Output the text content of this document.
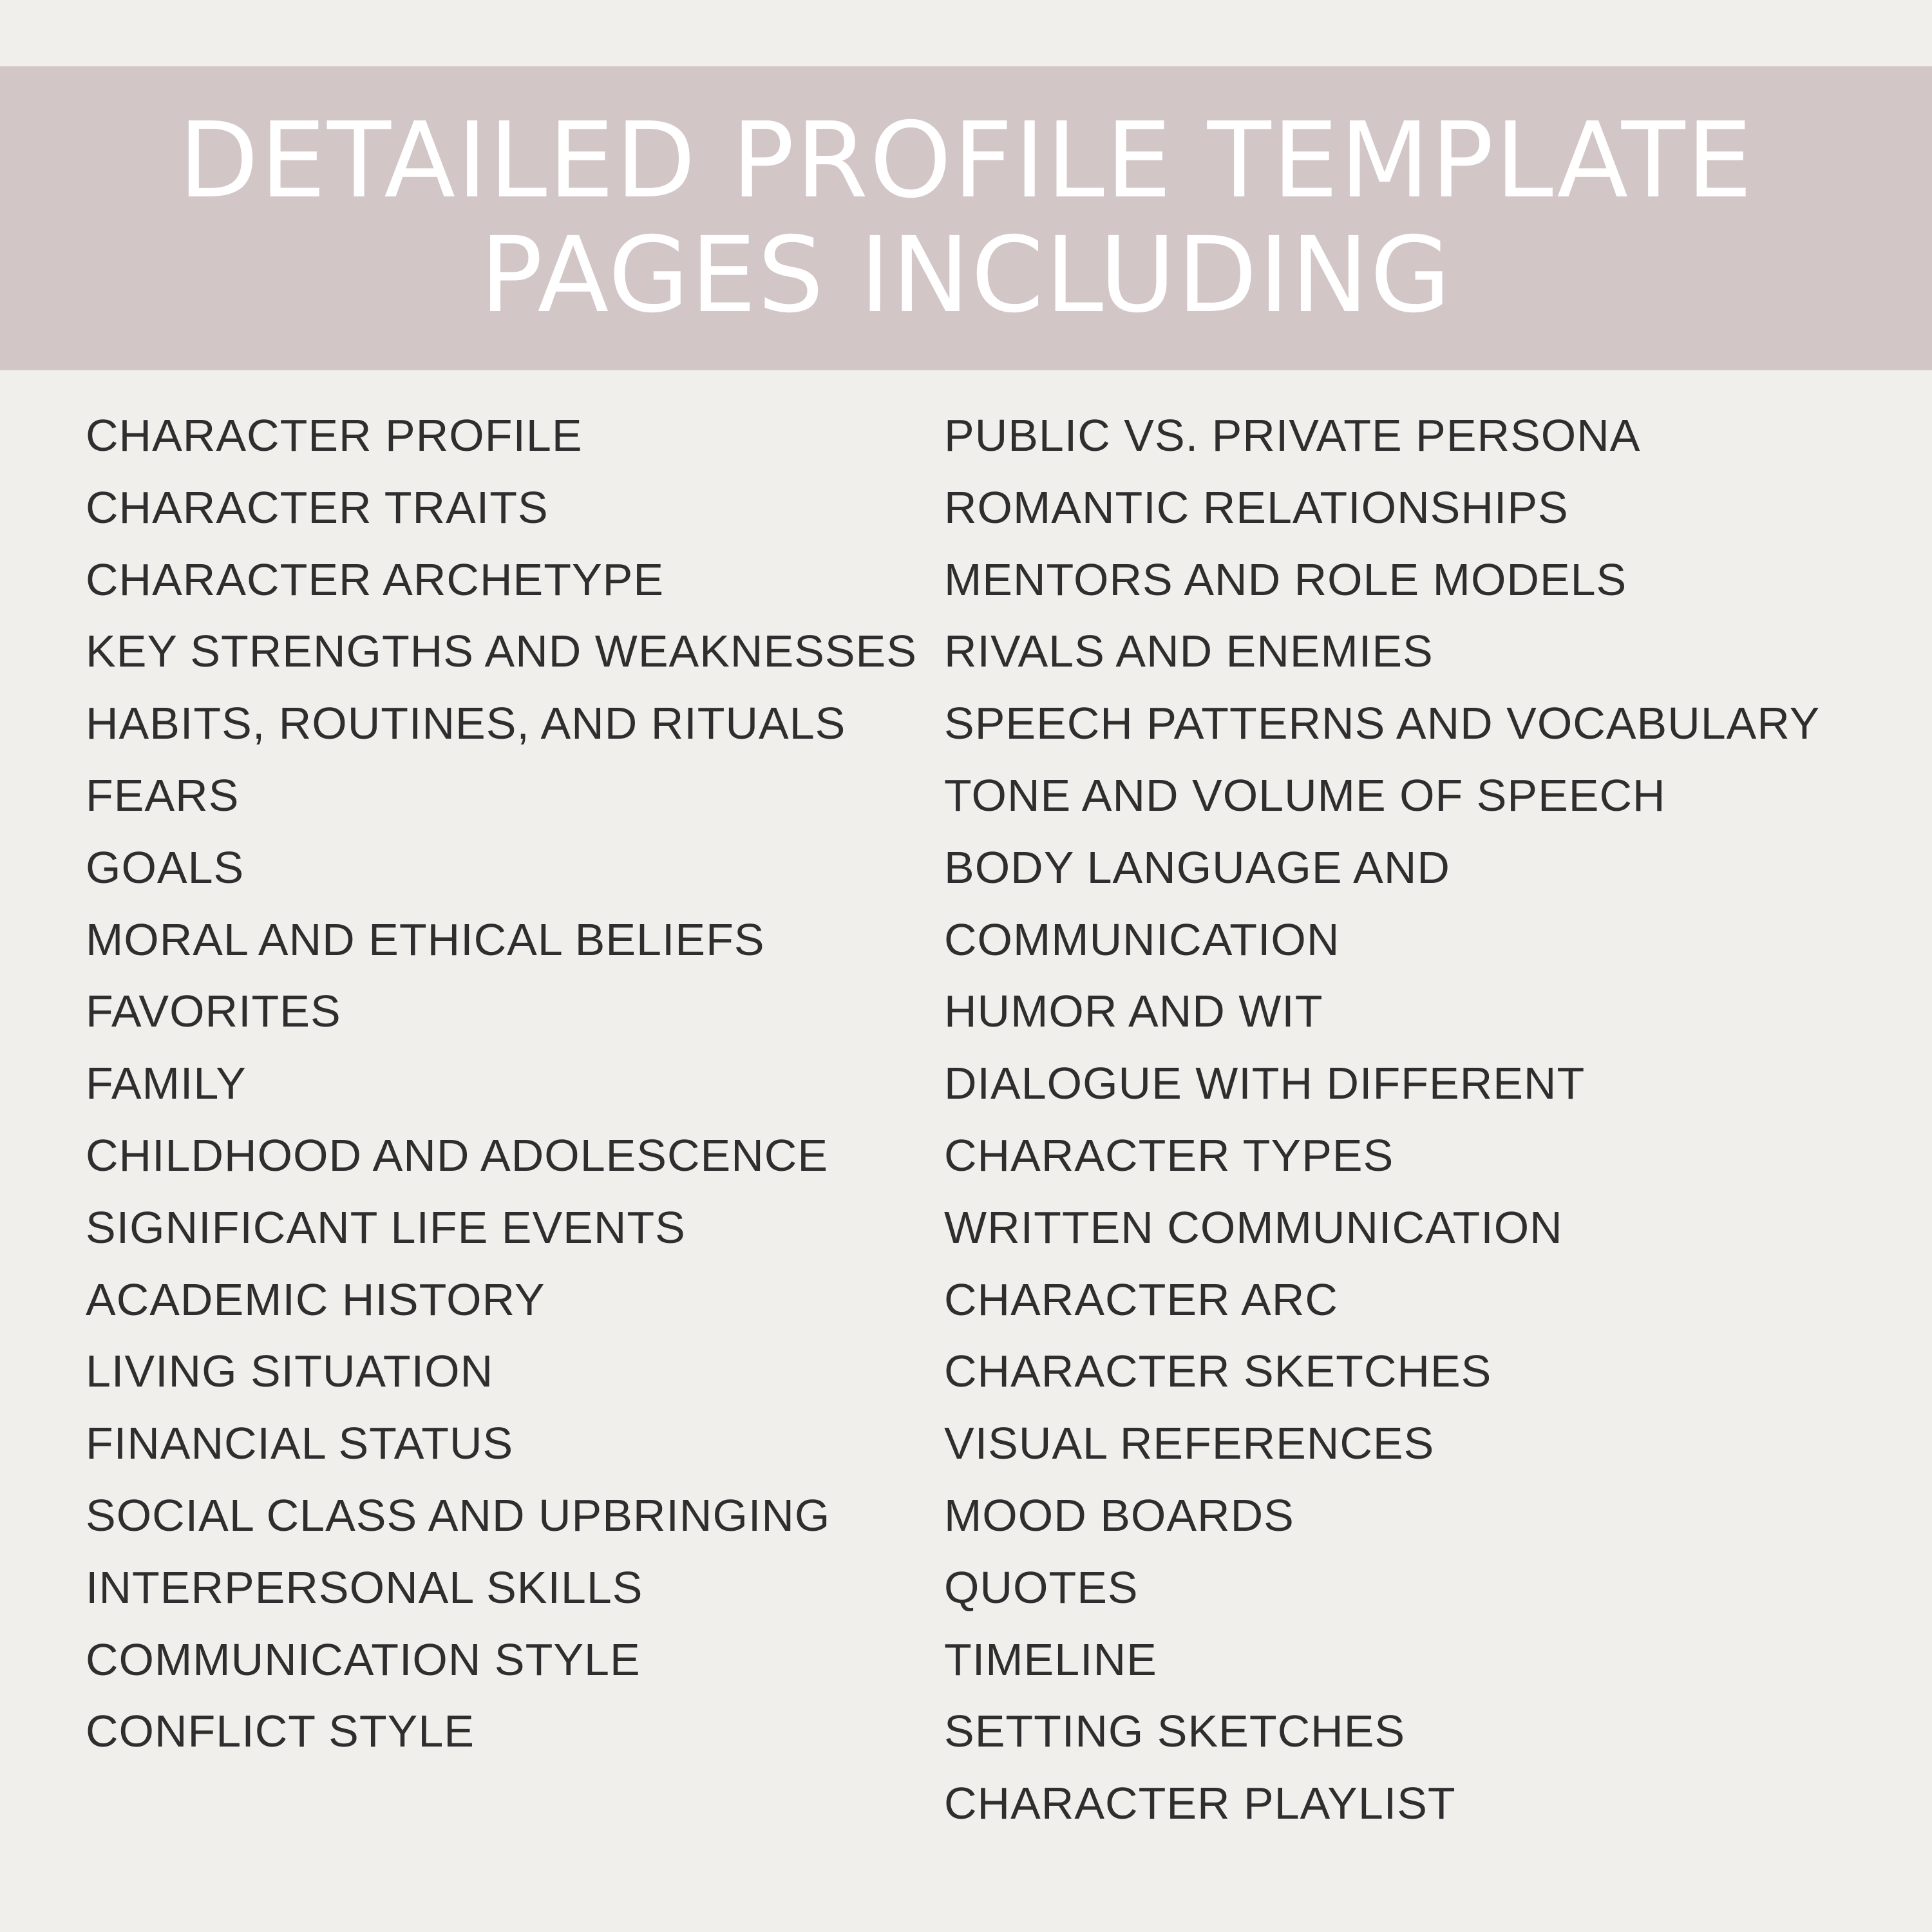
DETAILED PROFILE TEMPLATE
PAGES INCLUDING
CHARACTER PROFILE
CHARACTER TRAITS
CHARACTER ARCHETYPE
KEY STRENGTHS AND WEAKNESSES
HABITS, ROUTINES, AND RITUALS
FEARS
GOALS
MORAL AND ETHICAL BELIEFS
FAVORITES
FAMILY
CHILDHOOD AND ADOLESCENCE
SIGNIFICANT LIFE EVENTS
ACADEMIC HISTORY
LIVING SITUATION
FINANCIAL STATUS
SOCIAL CLASS AND UPBRINGING
INTERPERSONAL SKILLS
COMMUNICATION STYLE
CONFLICT STYLE
PUBLIC VS. PRIVATE PERSONA
ROMANTIC RELATIONSHIPS
MENTORS AND ROLE MODELS
RIVALS AND ENEMIES
SPEECH PATTERNS AND VOCABULARY
TONE AND VOLUME OF SPEECH
BODY LANGUAGE AND
COMMUNICATION
HUMOR AND WIT
DIALOGUE WITH DIFFERENT
CHARACTER TYPES
WRITTEN COMMUNICATION
CHARACTER ARC
CHARACTER SKETCHES
VISUAL REFERENCES
MOOD BOARDS
QUOTES
TIMELINE
SETTING SKETCHES
CHARACTER PLAYLIST
